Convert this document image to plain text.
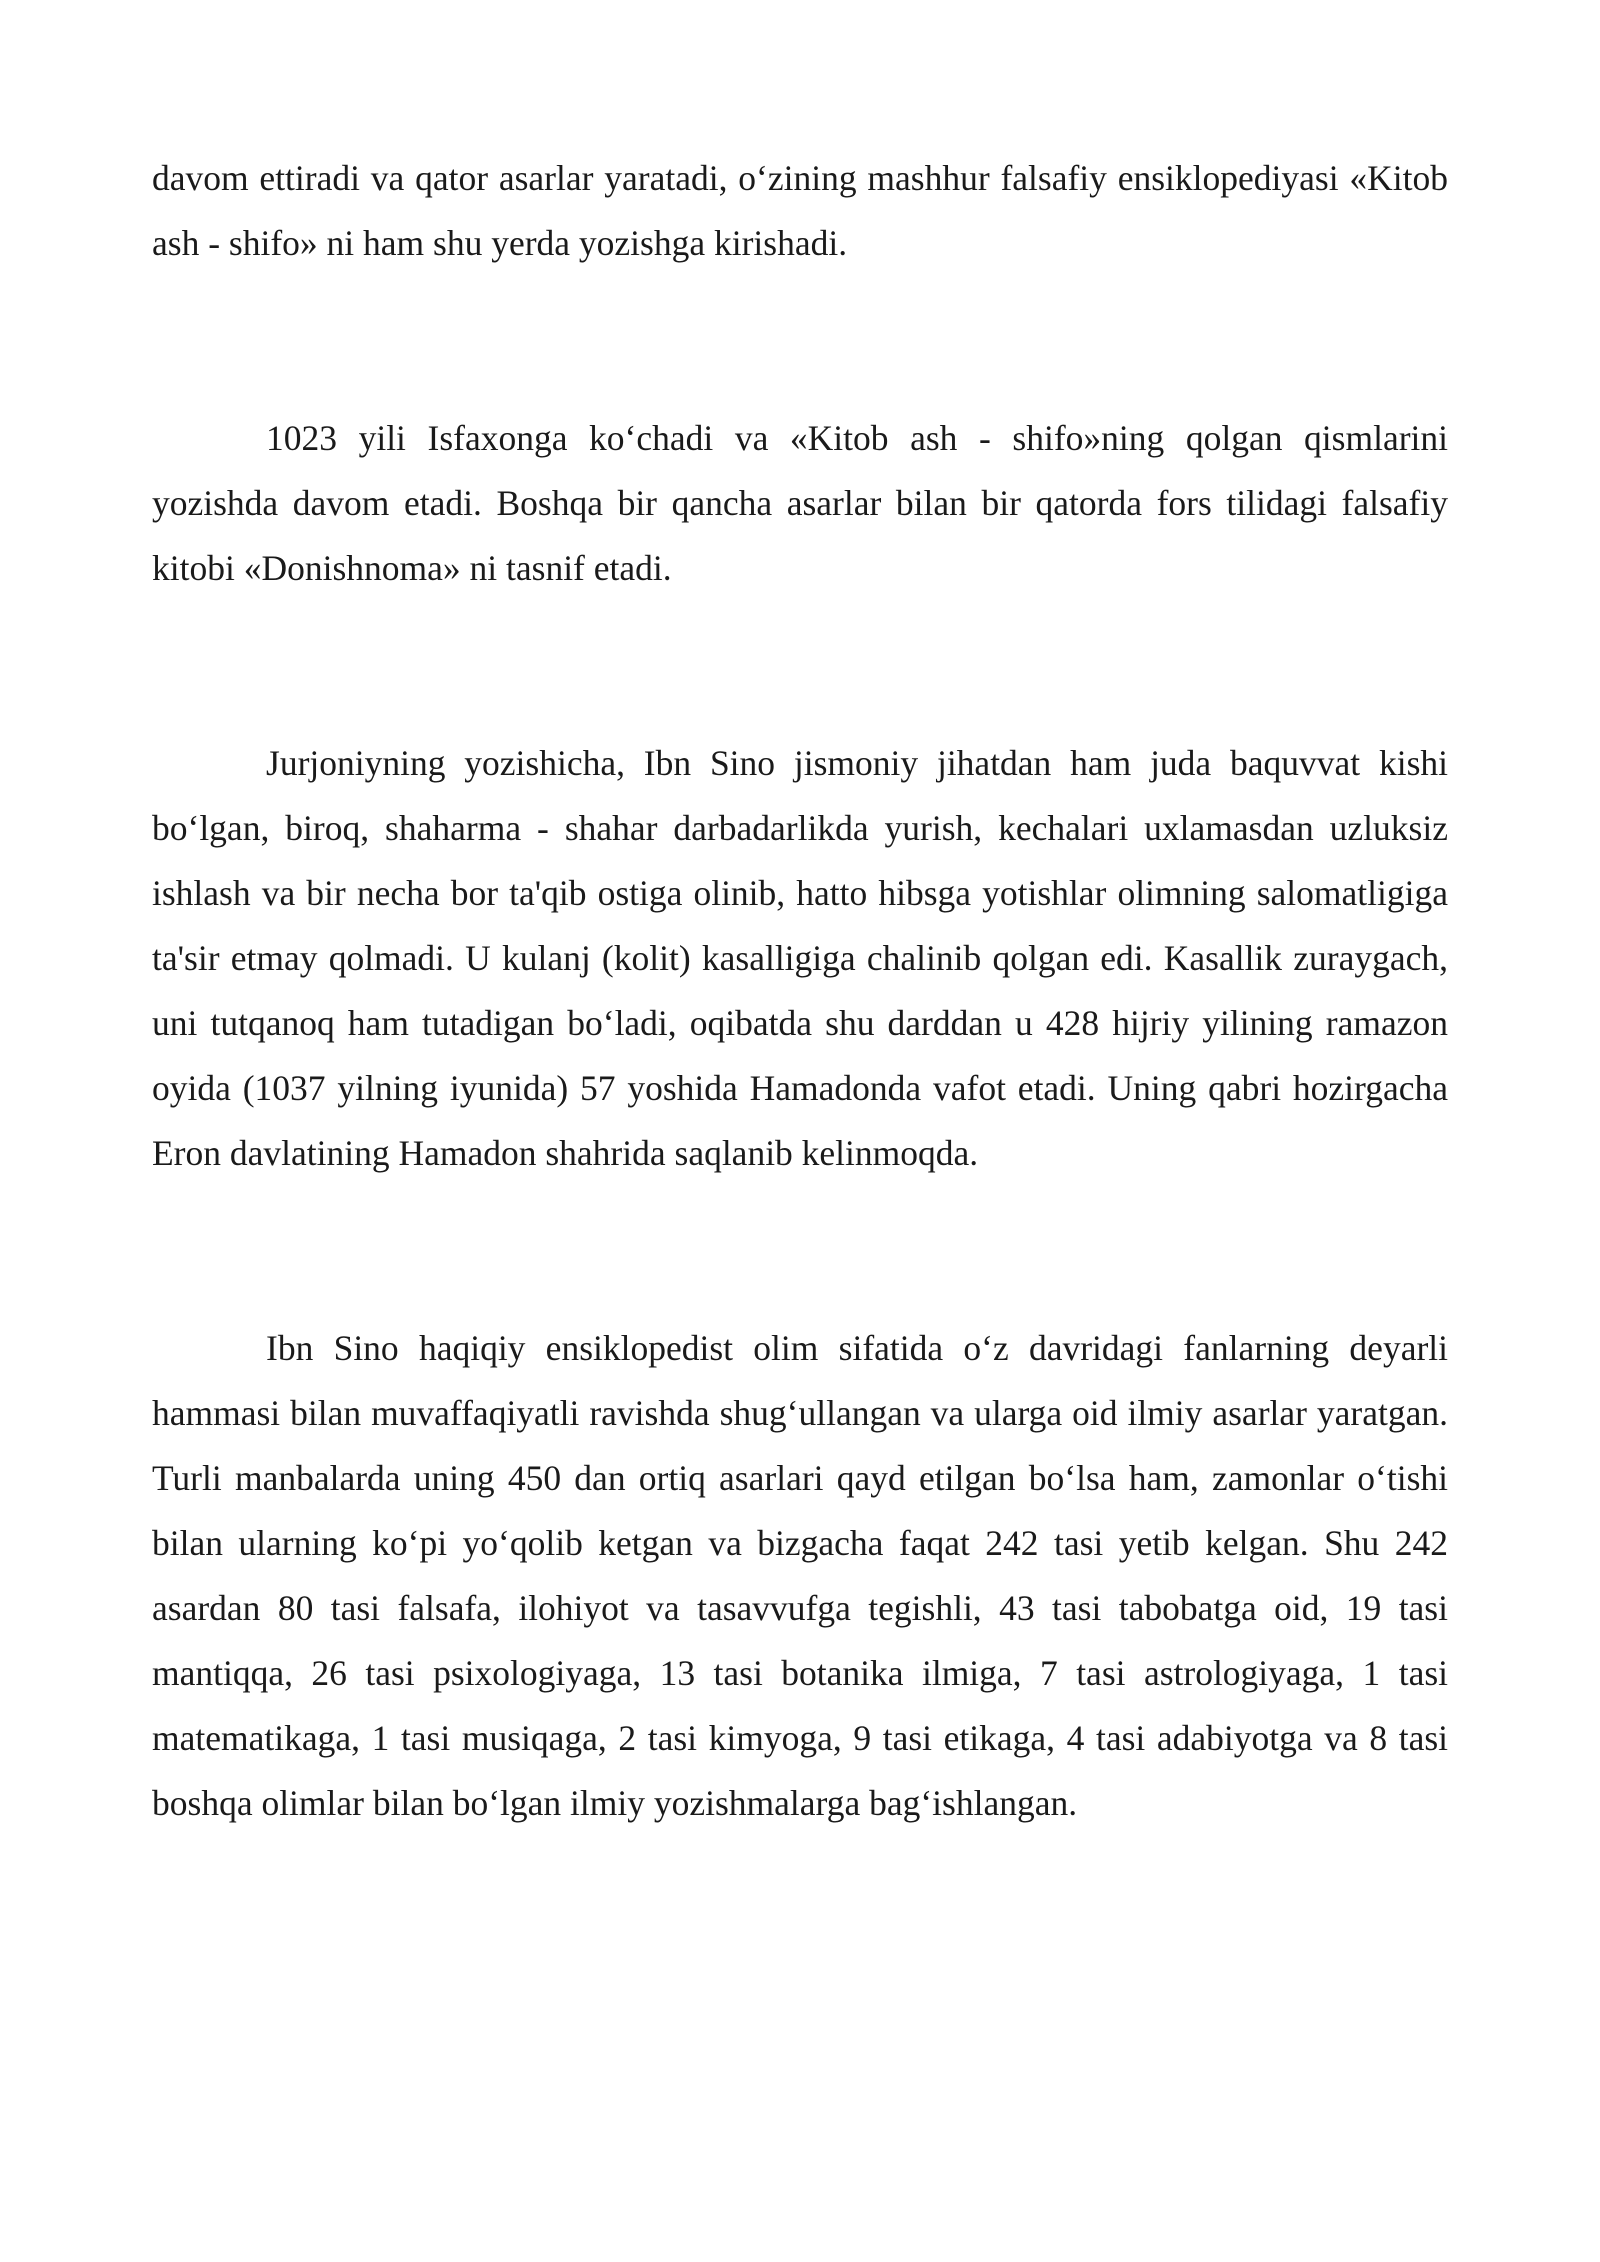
davom ettiradi va qator asarlar yaratadi, o‘zining mashhur falsafiy ensiklopediyasi «Kitob ash - shifo» ni ham shu yerda yozishga kirishadi.

1023 yili Isfaxonga ko‘chadi va «Kitob ash - shifo»ning qolgan qismlarini yozishda davom etadi. Boshqa bir qancha asarlar bilan bir qatorda fors tilidagi falsafiy kitobi «Donishnoma» ni tasnif etadi.

Jurjoniyning yozishicha, Ibn Sino jismoniy jihatdan ham juda baquvvat kishi bo‘lgan, biroq, shaharma - shahar darbadarlikda yurish, kechalari uxlamasdan uzluksiz ishlash va bir necha bor ta'qib ostiga olinib, hatto hibsga yotishlar olimning salomatligiga ta'sir etmay qolmadi. U kulanj (kolit) kasalligiga chalinib qolgan edi. Kasallik zuraygach, uni tutqanoq ham tutadigan bo‘ladi, oqibatda shu darddan u 428 hijriy yilining ramazon oyida (1037 yilning iyunida) 57 yoshida Hamadonda vafot etadi. Uning qabri hozirgacha Eron davlatining Hamadon shahrida saqlanib kelinmoqda.

Ibn Sino haqiqiy ensiklopedist olim sifatida o‘z davridagi fanlarning deyarli hammasi bilan muvaffaqiyatli ravishda shug‘ullangan va ularga oid ilmiy asarlar yaratgan. Turli manbalarda uning 450 dan ortiq asarlari qayd etilgan bo‘lsa ham, zamonlar o‘tishi bilan ularning ko‘pi yo‘qolib ketgan va bizgacha faqat 242 tasi yetib kelgan. Shu 242 asardan 80 tasi falsafa, ilohiyot va tasavvufga tegishli, 43 tasi tabobatga oid, 19 tasi mantiqqa, 26 tasi psixologiyaga, 13 tasi botanika ilmiga, 7 tasi astrologiyaga, 1 tasi matematikaga, 1 tasi musiqaga, 2 tasi kimyoga, 9 tasi etikaga, 4 tasi adabiyotga va 8 tasi boshqa olimlar bilan bo‘lgan ilmiy yozishmalarga bag‘ishlangan.
